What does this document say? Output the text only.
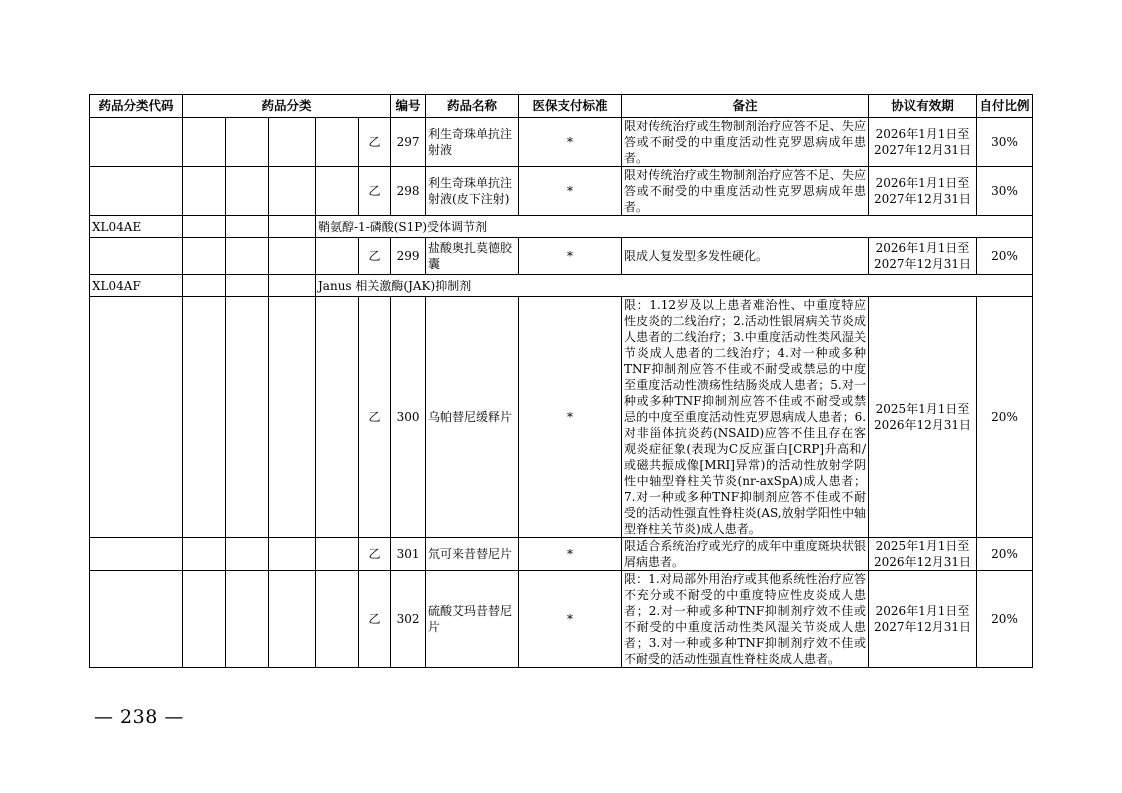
药品分类代码	药品分类					编号	药品名称	医保支付标准	备注	协议有效期	自付比例
					乙	297	利生奇珠单抗注射液	*	限对传统治疗或生物制剂治疗应答不足、失应答或不耐受的中重度活动性克罗恩病成年患者。	2026年1月1日至2027年12月31日	30%
					乙	298	利生奇珠单抗注射液(皮下注射)	*	限对传统治疗或生物制剂治疗应答不足、失应答或不耐受的中重度活动性克罗恩病成年患者。	2026年1月1日至2027年12月31日	30%
XL04AE				鞘氨醇-1-磷酸(S1P)受体调节剂							
					乙	299	盐酸奥扎莫德胶囊	*	限成人复发型多发性硬化。	2026年1月1日至2027年12月31日	20%
XL04AF				Janus 相关激酶(JAK)抑制剂							
					乙	300	乌帕替尼缓释片	*	限：1.12岁及以上患者难治性、中重度特应性皮炎的二线治疗；2.活动性银屑病关节炎成人患者的二线治疗；3.中重度活动性类风湿关节炎成人患者的二线治疗；4.对一种或多种TNF抑制剂应答不佳或不耐受或禁忌的中度至重度活动性溃疡性结肠炎成人患者；5.对一种或多种TNF抑制剂应答不佳或不耐受或禁忌的中度至重度活动性克罗恩病成人患者；6.对非甾体抗炎药(NSAID)应答不佳且存在客观炎症征象(表现为C反应蛋白[CRP]升高和/或磁共振成像[MRI]异常)的活动性放射学阴性中轴型脊柱关节炎(nr-axSpA)成人患者；7.对一种或多种TNF抑制剂应答不佳或不耐受的活动性强直性脊柱炎(AS,放射学阳性中轴型脊柱关节炎)成人患者。	2025年1月1日至2026年12月31日	20%
					乙	301	氘可来昔替尼片	*	限适合系统治疗或光疗的成年中重度斑块状银屑病患者。	2025年1月1日至2026年12月31日	20%
					乙	302	硫酸艾玛昔替尼片	*	限：1.对局部外用治疗或其他系统性治疗应答不充分或不耐受的中重度特应性皮炎成人患者；2.对一种或多种TNF抑制剂疗效不佳或不耐受的中重度活动性类风湿关节炎成人患者；3.对一种或多种TNF抑制剂疗效不佳或不耐受的活动性强直性脊柱炎成人患者。	2026年1月1日至2027年12月31日	20%
— 238 —
